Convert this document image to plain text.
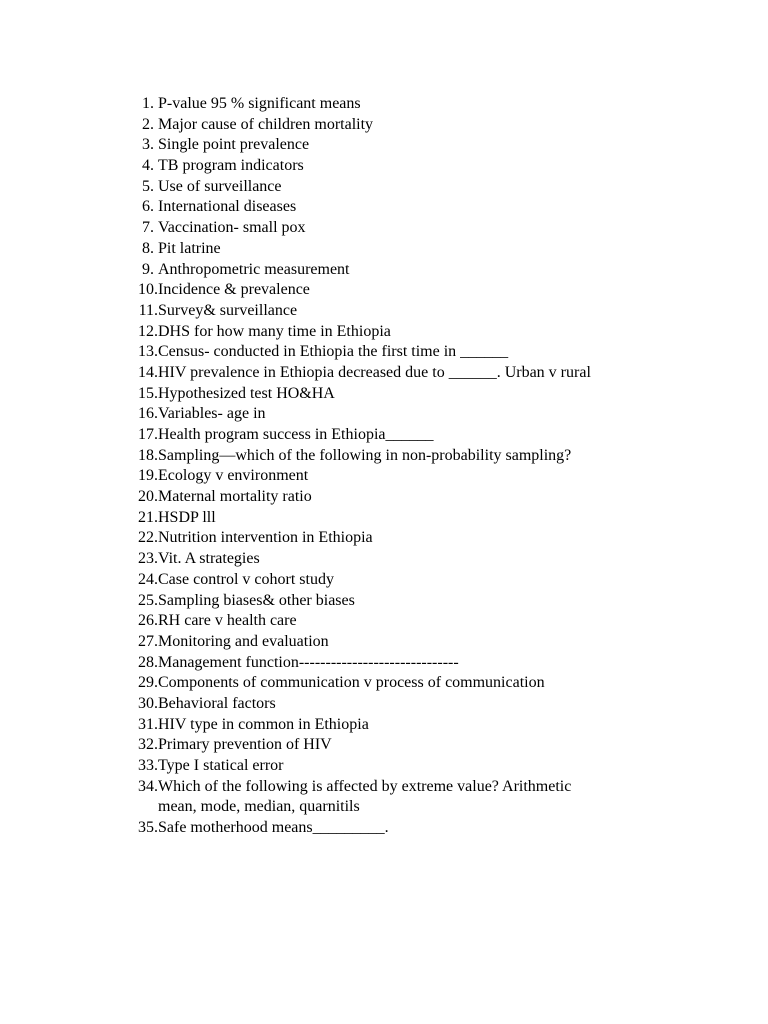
1. P-value 95 % significant means
2. Major cause of children mortality
3. Single point prevalence
4. TB program indicators
5. Use of surveillance
6. International diseases
7. Vaccination- small pox
8. Pit latrine
9. Anthropometric measurement
10. Incidence & prevalence
11. Survey& surveillance
12. DHS for how many time in Ethiopia
13. Census- conducted in Ethiopia the first time in ______
14. HIV prevalence in Ethiopia decreased due to ______. Urban v rural
15. Hypothesized test HO&HA
16. Variables- age in
17. Health program success in Ethiopia______
18. Sampling—which of the following in non-probability sampling?
19. Ecology v environment
20. Maternal mortality ratio
21. HSDP lll
22. Nutrition intervention in Ethiopia
23. Vit. A strategies
24. Case control v cohort study
25. Sampling biases& other biases
26. RH care v health care
27. Monitoring and evaluation
28. Management function------------------------------
29. Components of communication v process of communication
30. Behavioral factors
31. HIV type in common in Ethiopia
32. Primary prevention of HIV
33. Type I statical error
34. Which of the following is affected by extreme value? Arithmetic
mean, mode, median, quarnitils
35. Safe motherhood means_________.
